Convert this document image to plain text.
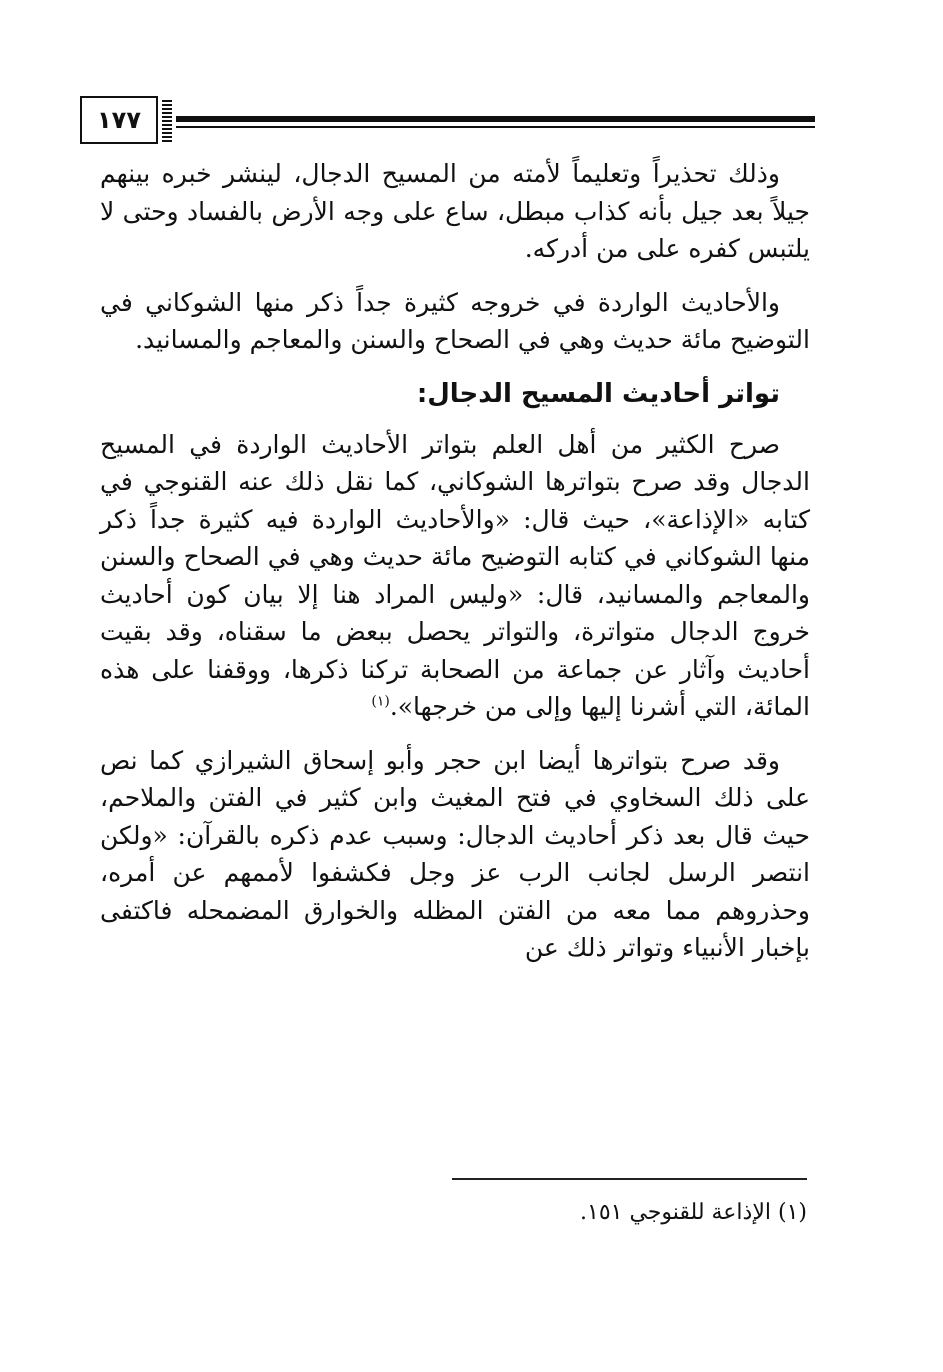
١٧٧

وذلك تحذيراً وتعليماً لأمته من المسيح الدجال، لينشر خبره بينهم جيلاً بعد جيل بأنه كذاب مبطل، ساع على وجه الأرض بالفساد وحتى لا يلتبس كفره على من أدركه.

والأحاديث الواردة في خروجه كثيرة جداً ذكر منها الشوكاني في التوضيح مائة حديث وهي في الصحاح والسنن والمعاجم والمسانيد.

تواتر أحاديث المسيح الدجال:

صرح الكثير من أهل العلم بتواتر الأحاديث الواردة في المسيح الدجال وقد صرح بتواترها الشوكاني، كما نقل ذلك عنه القنوجي في كتابه «الإذاعة»، حيث قال: «والأحاديث الواردة فيه كثيرة جداً ذكر منها الشوكاني في كتابه التوضيح مائة حديث وهي في الصحاح والسنن والمعاجم والمسانيد، قال: «وليس المراد هنا إلا بيان كون أحاديث خروج الدجال متواترة، والتواتر يحصل ببعض ما سقناه، وقد بقيت أحاديث وآثار عن جماعة من الصحابة تركنا ذكرها، ووقفنا على هذه المائة، التي أشرنا إليها وإلى من خرجها».$^{(١)}$

وقد صرح بتواترها أيضا ابن حجر وأبو إسحاق الشيرازي كما نص على ذلك السخاوي في فتح المغيث وابن كثير في الفتن والملاحم، حيث قال بعد ذكر أحاديث الدجال: وسبب عدم ذكره بالقرآن: «ولكن انتصر الرسل لجانب الرب عز وجل فكشفوا لأممهم عن أمره، وحذروهم مما معه من الفتن المظله والخوارق المضمحله فاكتفى بإخبار الأنبياء وتواتر ذلك عن

(١) الإذاعة للقنوجي ١٥١.
